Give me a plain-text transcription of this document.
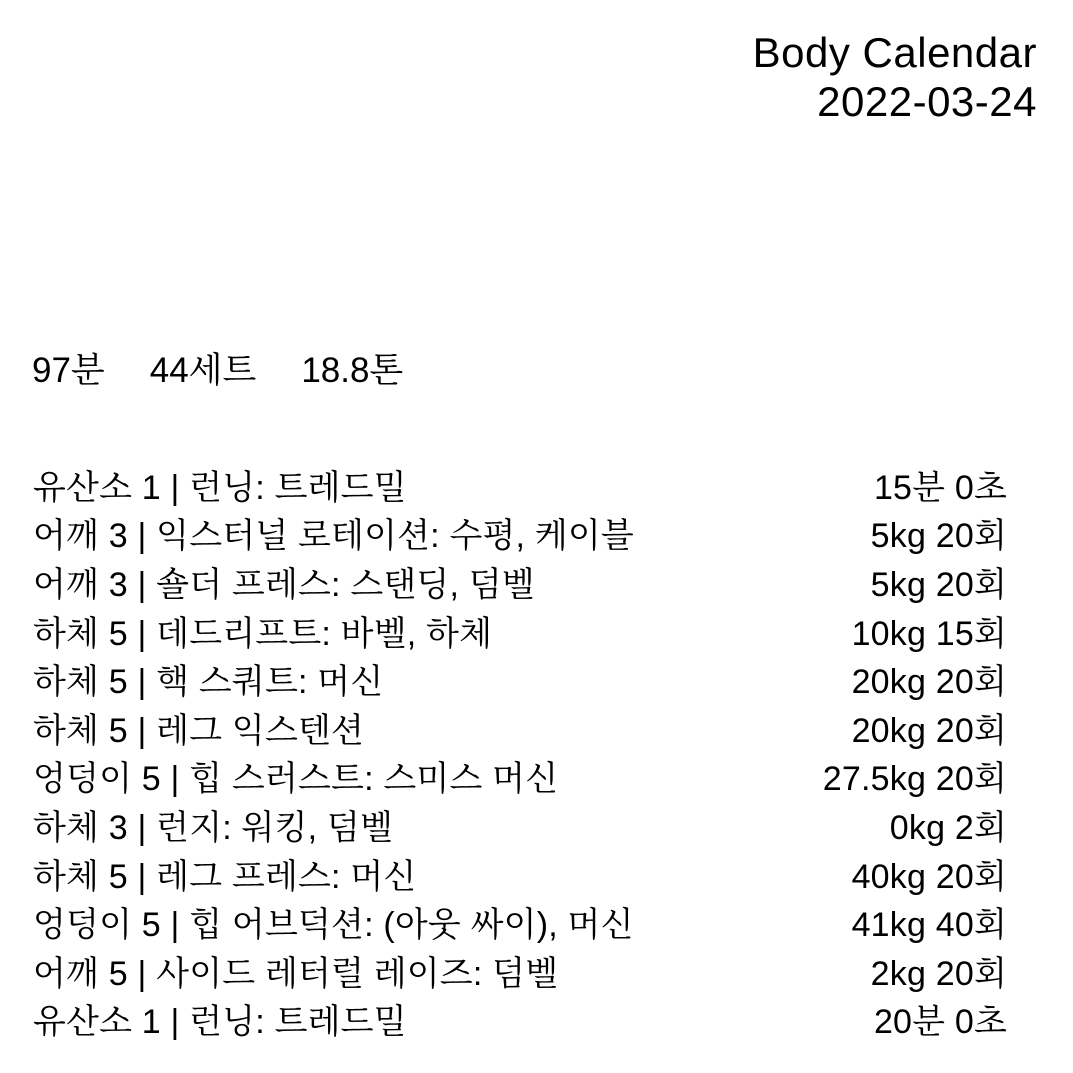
Body Calendar
2022-03-24
97분 44세트 18.8톤
유산소 1 | 런닝: 트레드밀	15분 0초
어깨 3 | 익스터널 로테이션: 수평, 케이블	5kg 20회
어깨 3 | 숄더 프레스: 스탠딩, 덤벨	5kg 20회
하체 5 | 데드리프트: 바벨, 하체	10kg 15회
하체 5 | 핵 스쿼트: 머신	20kg 20회
하체 5 | 레그 익스텐션	20kg 20회
엉덩이 5 | 힙 스러스트: 스미스 머신	27.5kg 20회
하체 3 | 런지: 워킹, 덤벨	0kg 2회
하체 5 | 레그 프레스: 머신	40kg 20회
엉덩이 5 | 힙 어브덕션: (아웃 싸이), 머신	41kg 40회
어깨 5 | 사이드 레터럴 레이즈: 덤벨	2kg 20회
유산소 1 | 런닝: 트레드밀	20분 0초
